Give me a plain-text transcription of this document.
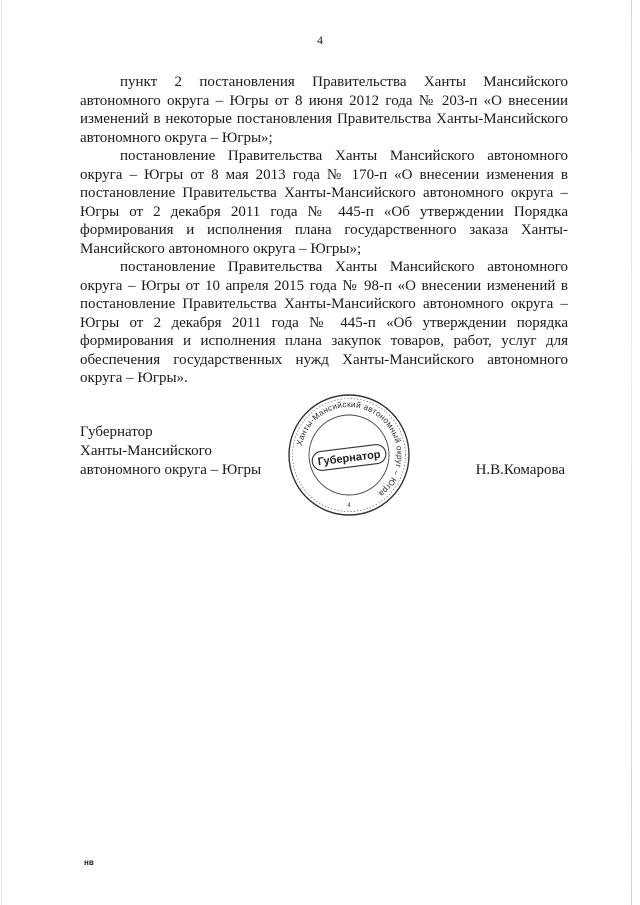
4

пункт 2 постановления Правительства Ханты Мансийского автономного округа – Югры от 8 июня 2012 года № 203-п «О внесении изменений в некоторые постановления Правительства Ханты-Мансийского автономного округа – Югры»;

постановление Правительства Ханты Мансийского автономного округа – Югры от 8 мая 2013 года № 170-п «О внесении изменения в постановление Правительства Ханты-Мансийского автономного округа – Югры от 2 декабря 2011 года № 445-п «Об утверждении Порядка формирования и исполнения плана государственного заказа Ханты-Мансийского автономного округа – Югры»;

постановление Правительства Ханты Мансийского автономного округа – Югры от 10 апреля 2015 года № 98-п «О внесении изменений в постановление Правительства Ханты-Мансийского автономного округа – Югры от 2 декабря 2011 года № 445-п «Об утверждении порядка формирования и исполнения плана закупок товаров, работ, услуг для обеспечения государственных нужд Ханты-Мансийского автономного округа – Югры».

Губернатор
Ханты-Мансийского
автономного округа – Югры
Ханты-Мансийский автономный округ – Югра
Губернатор
4
Н.В.Комарова
нв
